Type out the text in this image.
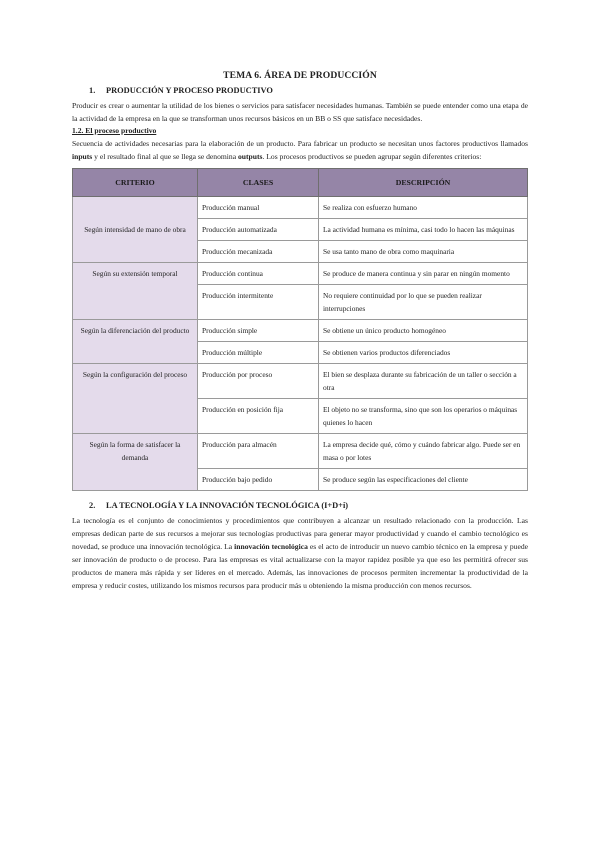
TEMA 6. ÁREA DE PRODUCCIÓN
1.	PRODUCCIÓN Y PROCESO PRODUCTIVO

Producir es crear o aumentar la utilidad de los bienes o servicios para satisfacer necesidades humanas. También se puede entender como una etapa de la actividad de la empresa en la que se transforman unos recursos básicos en un BB o SS que satisface necesidades.

1.2. El proceso productivo

Secuencia de actividades necesarias para la elaboración de un producto. Para fabricar un producto se necesitan unos factores productivos llamados inputs y el resultado final al que se llega se denomina outputs. Los procesos productivos se pueden agrupar según diferentes criterios:

CRITERIO	CLASES	DESCRIPCIÓN
Según intensidad de mano de obra	Producción manual	Se realiza con esfuerzo humano
	Producción automatizada	La actividad humana es mínima, casi todo lo hacen las máquinas
	Producción mecanizada	Se usa tanto mano de obra como maquinaria
Según su extensión temporal	Producción continua	Se produce de manera continua y sin parar en ningún momento
	Producción intermitente	No requiere continuidad por lo que se pueden realizar interrupciones
Según la diferenciación del producto	Producción simple	Se obtiene un único producto homogéneo
	Producción múltiple	Se obtienen varios productos diferenciados
Según la configuración del proceso	Producción por proceso	El bien se desplaza durante su fabricación de un taller o sección a otra
	Producción en posición fija	El objeto no se transforma, sino que son los operarios o máquinas quienes lo hacen
Según la forma de satisfacer la demanda	Producción para almacén	La empresa decide qué, cómo y cuándo fabricar algo. Puede ser en masa o por lotes
	Producción bajo pedido	Se produce según las especificaciones del cliente
2.	LA TECNOLOGÍA Y LA INNOVACIÓN TECNOLÓGICA (I+D+i)

La tecnología es el conjunto de conocimientos y procedimientos que contribuyen a alcanzar un resultado relacionado con la producción. Las empresas dedican parte de sus recursos a mejorar sus tecnologías productivas para generar mayor productividad y cuando el cambio tecnológico es novedad, se produce una innovación tecnológica. La innovación tecnológica es el acto de introducir un nuevo cambio técnico en la empresa y puede ser innovación de producto o de proceso. Para las empresas es vital actualizarse con la mayor rapidez posible ya que eso les permitirá ofrecer sus productos de manera más rápida y ser líderes en el mercado. Además, las innovaciones de procesos permiten incrementar la productividad de la empresa y reducir costes, utilizando los mismos recursos para producir más u obteniendo la misma producción con menos recursos.
